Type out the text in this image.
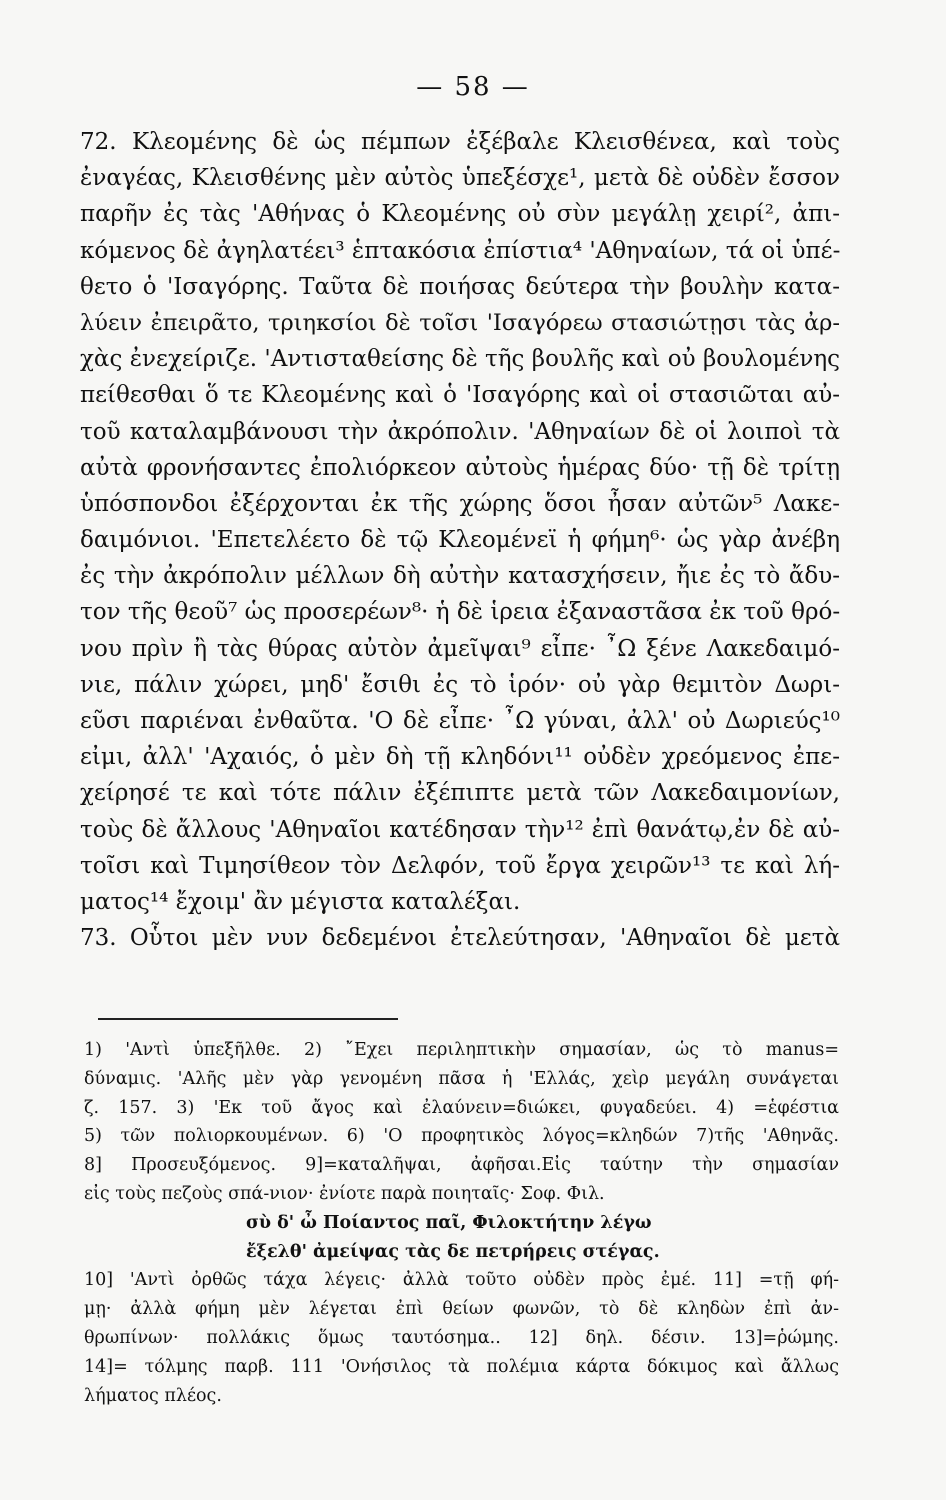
— 58 —
72. Κλεομένης δὲ ὡς πέμπων ἐξέβαλε Κλεισθένεα, καὶ τοὺς
ἐναγέας, Κλεισθένης μὲν αὐτὸς ὑπεξέσχε¹, μετὰ δὲ οὐδὲν ἔσσον
παρῆν ἐς τὰς 'Αθήνας ὁ Κλεομένης οὐ σὺν μεγάλῃ χειρί², ἀπι-
κόμενος δὲ ἀγηλατέει³ ἑπτακόσια ἐπίστια⁴ 'Αθηναίων, τά οἱ ὑπέ-
θετο ὁ 'Ισαγόρης. Ταῦτα δὲ ποιήσας δεύτερα τὴν βουλὴν κατα-
λύειν ἐπειρᾶτο, τριηκσίοι δὲ τοῖσι 'Ισαγόρεω στασιώτῃσι τὰς ἀρ-
χὰς ἐνεχείριζε. 'Αντισταθείσης δὲ τῆς βουλῆς καὶ οὐ βουλομένης
πείθεσθαι ὅ τε Κλεομένης καὶ ὁ 'Ισαγόρης καὶ οἱ στασιῶται αὐ-
τοῦ καταλαμβάνουσι τὴν ἀκρόπολιν. 'Αθηναίων δὲ οἱ λοιποὶ τὰ
αὐτὰ φρονήσαντες ἐπολιόρκεον αὐτοὺς ἡμέρας δύο· τῇ δὲ τρίτῃ
ὑπόσπονδοι ἐξέρχονται ἐκ τῆς χώρης ὅσοι ἦσαν αὐτῶν⁵ Λακε-
δαιμόνιοι. 'Επετελέετο δὲ τῷ Κλεομένεϊ ἡ φήμη⁶· ὡς γὰρ ἀνέβη
ἐς τὴν ἀκρόπολιν μέλλων δὴ αὐτὴν κατασχήσειν, ἤιε ἐς τὸ ἄδυ-
τον τῆς θεοῦ⁷ ὡς προσερέων⁸· ἡ δὲ ἱρεια ἐξαναστᾶσα ἐκ τοῦ θρό-
νου πρὶν ἢ τὰς θύρας αὐτὸν ἀμεῖψαι⁹ εἶπε· ῏Ω ξένε Λακεδαιμό-
νιε, πάλιν χώρει, μηδ' ἔσιθι ἐς τὸ ἱρόν· οὐ γὰρ θεμιτὸν Δωρι-
εῦσι παριέναι ἐνθαῦτα. 'Ο δὲ εἶπε· ῏Ω γύναι, ἀλλ' οὐ Δωριεύς¹⁰
εἰμι, ἀλλ' 'Αχαιός, ὁ μὲν δὴ τῇ κληδόνι¹¹ οὐδὲν χρεόμενος ἐπε-
χείρησέ τε καὶ τότε πάλιν ἐξέπιπτε μετὰ τῶν Λακεδαιμονίων,
τοὺς δὲ ἄλλους 'Αθηναῖοι κατέδησαν τὴν¹² ἐπὶ θανάτῳ,ἐν δὲ αὐ-
τοῖσι καὶ Τιμησίθεον τὸν Δελφόν, τοῦ ἔργα χειρῶν¹³ τε καὶ λή-
ματος¹⁴ ἔχοιμ' ἂν μέγιστα καταλέξαι.
73. Οὗτοι μὲν νυν δεδεμένοι ἐτελεύτησαν, 'Αθηναῖοι δὲ μετὰ
1) 'Αντὶ ὑπεξῆλθε. 2) ῎Εχει περιληπτικὴν σημασίαν, ὡς τὸ manus=
δύναμις. 'Αλῆς μὲν γὰρ γενομένη πᾶσα ἡ 'Ελλάς, χεὶρ μεγάλη συνάγεται
ζ. 157. 3) 'Εκ τοῦ ἄγος καὶ ἐλαύνειν=διώκει, φυγαδεύει. 4) =ἑφέστια
5) τῶν πολιορκουμένων. 6) 'Ο προφητικὸς λόγος=κληδών 7)τῆς 'Αθηνᾶς.
8] Προσευξόμενος. 9]=καταλῆψαι, ἀφῆσαι.Εἰς ταύτην τὴν σημασίαν
εἰς τοὺς πεζοὺς σπά-νιον· ἐνίοτε παρὰ ποιηταῖς· Σοφ. Φιλ.
σὺ δ' ὦ Ποίαντος παῖ, Φιλοκτήτην λέγω
ἔξελθ' ἀμείψας τὰς δε πετρήρεις στέγας.
10] 'Αντὶ ὀρθῶς τάχα λέγεις· ἀλλὰ τοῦτο οὐδὲν πρὸς ἐμέ. 11] =τῇ φή-
μῃ· ἀλλὰ φήμη μὲν λέγεται ἐπὶ θείων φωνῶν, τὸ δὲ κληδὼν ἐπὶ ἀν-
θρωπίνων· πολλάκις ὅμως ταυτόσημα.. 12] δηλ. δέσιν. 13]=ῥώμης.
14]= τόλμης παρβ. 111 'Ονήσιλος τὰ πολέμια κάρτα δόκιμος καὶ ἄλλως
λήματος πλέος.
